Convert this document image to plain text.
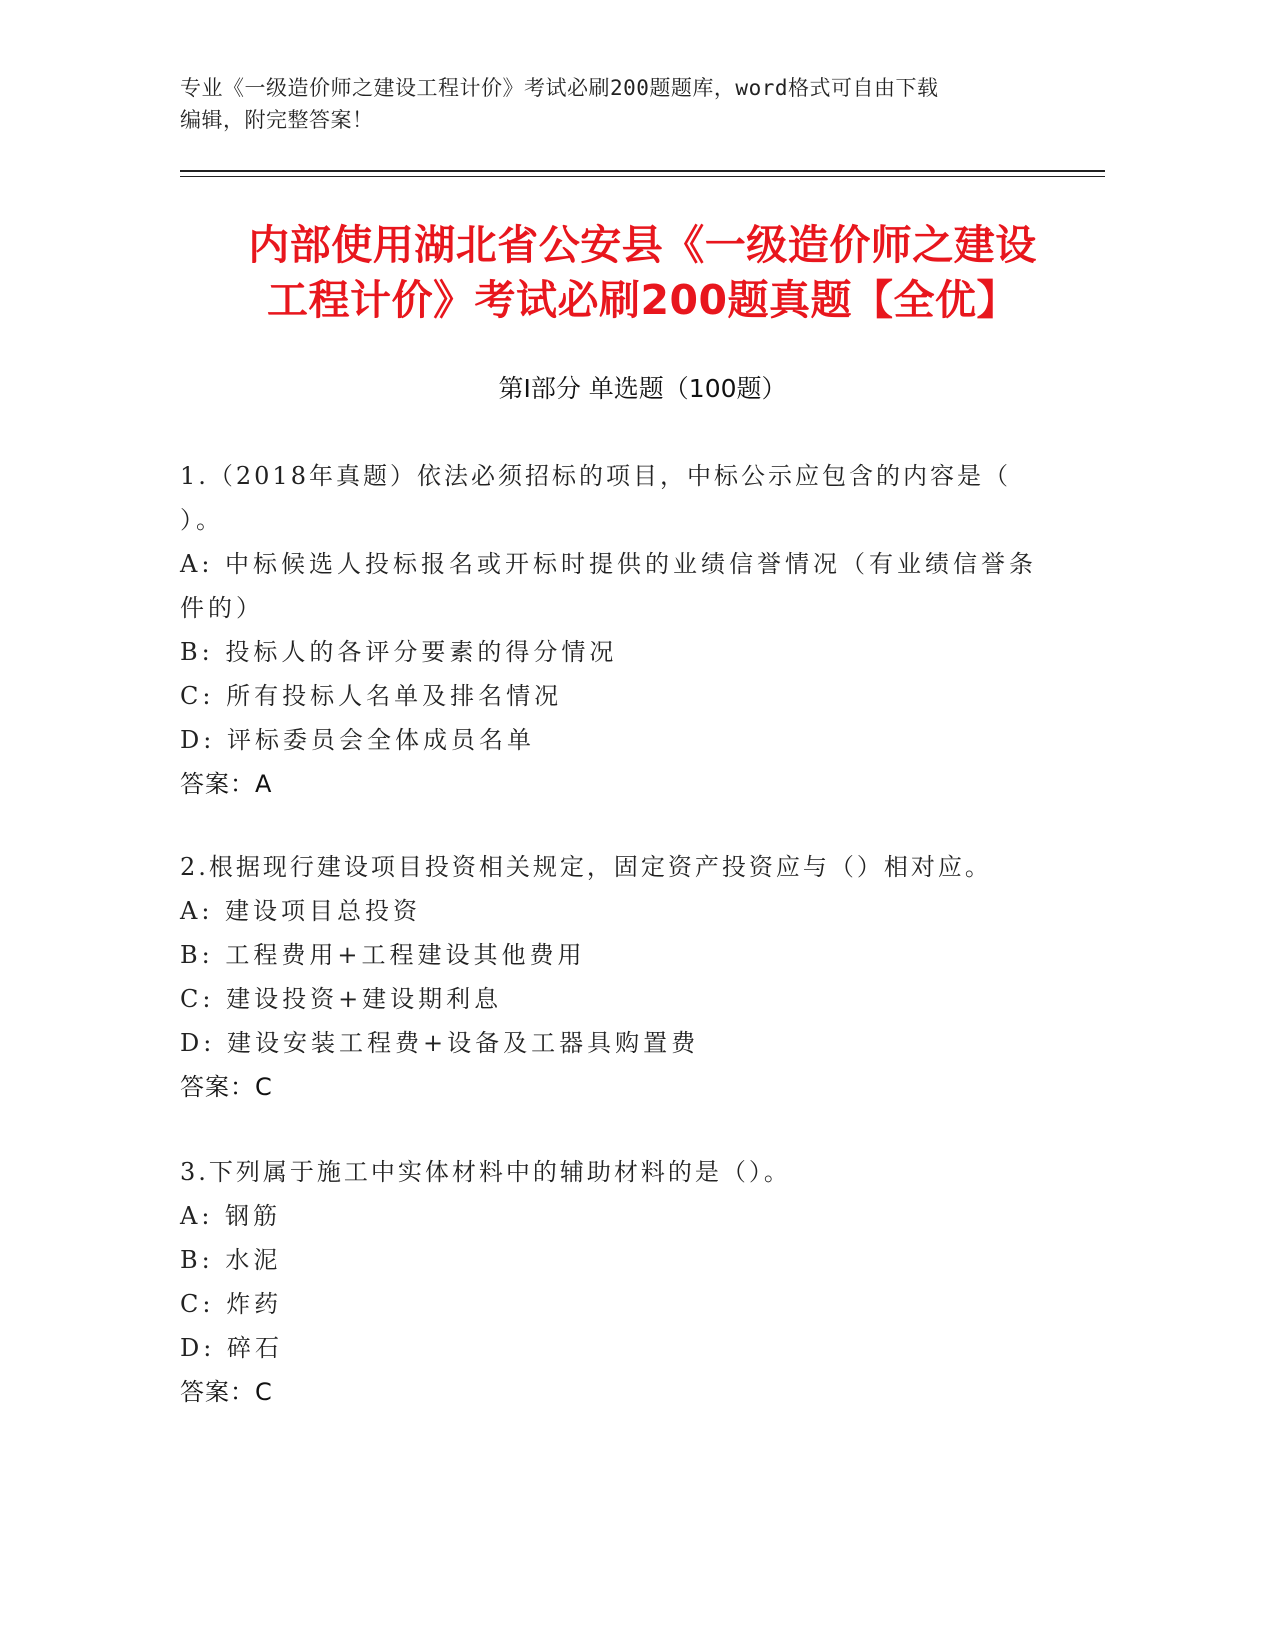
专业《一级造价师之建设工程计价》考试必刷200题题库，word格式可自由下载
编辑，附完整答案！
内部使用湖北省公安县《一级造价师之建设
工程计价》考试必刷200题真题【全优】
第Ⅰ部分 单选题（100题）
1.（2018年真题）依法必须招标的项目，中标公示应包含的内容是（
）。
A: 中标候选人投标报名或开标时提供的业绩信誉情况（有业绩信誉条
件的）
B: 投标人的各评分要素的得分情况
C: 所有投标人名单及排名情况
D: 评标委员会全体成员名单
答案：A
2.根据现行建设项目投资相关规定，固定资产投资应与（）相对应。
A: 建设项目总投资
B: 工程费用+工程建设其他费用
C: 建设投资+建设期利息
D: 建设安装工程费+设备及工器具购置费
答案：C
3.下列属于施工中实体材料中的辅助材料的是（）。
A: 钢筋
B: 水泥
C: 炸药
D: 碎石
答案：C
